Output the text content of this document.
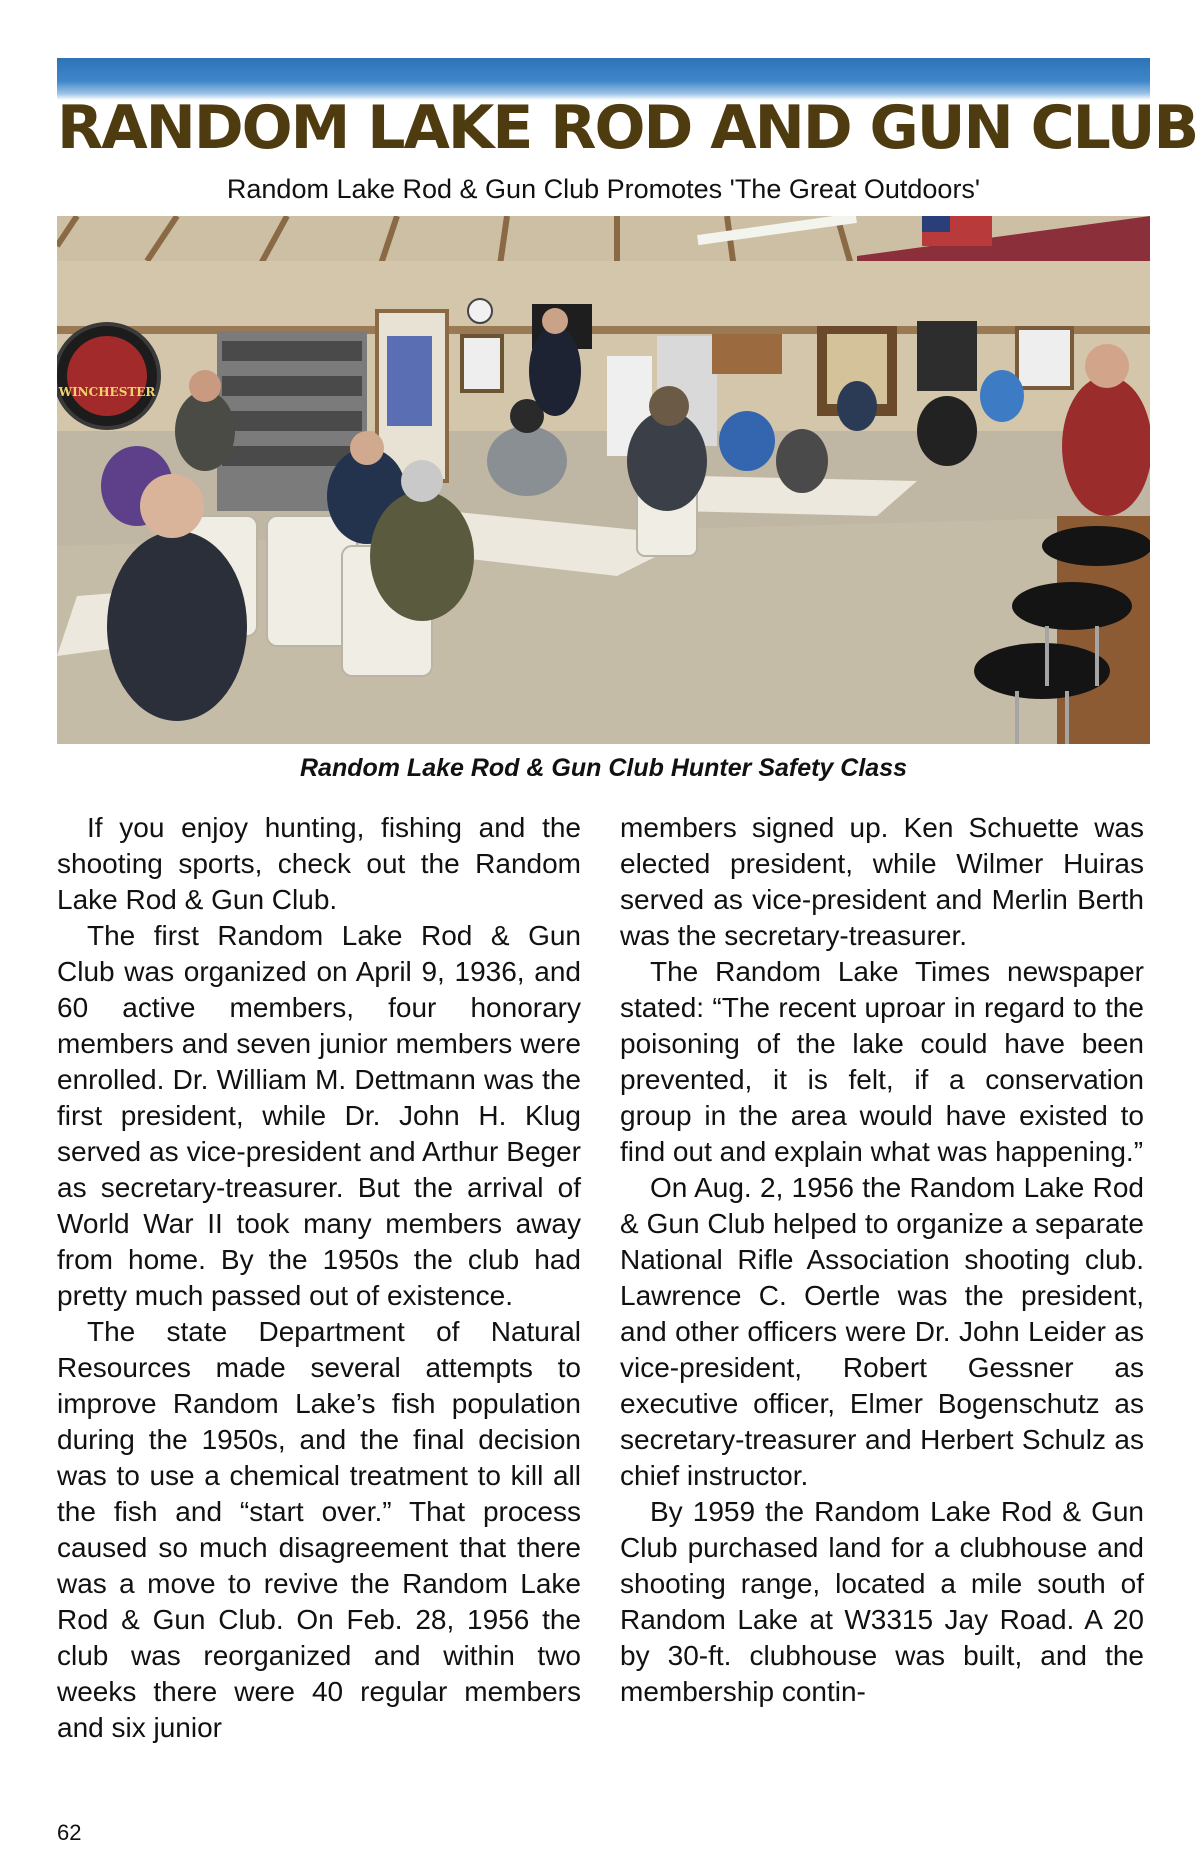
RANDOM LAKE ROD AND GUN CLUB
Random Lake Rod & Gun Club Promotes 'The Great Outdoors'
WINCHESTER
Random Lake Rod & Gun Club Hunter Safety Class

If you enjoy hunting, fishing and the shooting sports, check out the Random Lake Rod & Gun Club.

The first Random Lake Rod & Gun Club was organized on April 9, 1936, and 60 active members, four honorary members and seven junior members were enrolled. Dr. William M. Dettmann was the first president, while Dr. John H. Klug served as vice-president and Arthur Beger as secretary-treasurer. But the arrival of World War II took many members away from home. By the 1950s the club had pretty much passed out of existence.

The state Department of Natural Resources made several attempts to improve Random Lake’s fish population during the 1950s, and the final decision was to use a chemical treatment to kill all the fish and “start over.” That process caused so much disagreement that there was a move to revive the Random Lake Rod & Gun Club. On Feb. 28, 1956 the club was reorganized and within two weeks there were 40 regular members and six junior

members signed up. Ken Schuette was elected president, while Wilmer Huiras served as vice-president and Merlin Berth was the secretary-treasurer.

The Random Lake Times newspaper stated: “The recent uproar in regard to the poisoning of the lake could have been prevented, it is felt, if a conservation group in the area would have existed to find out and explain what was happening.”

On Aug. 2, 1956 the Random Lake Rod & Gun Club helped to organize a separate National Rifle Association shooting club. Lawrence C. Oertle was the president, and other officers were Dr. John Leider as vice-president, Robert Gessner as executive officer, Elmer Bogenschutz as secretary-treasurer and Herbert Schulz as chief instructor.

By 1959 the Random Lake Rod & Gun Club purchased land for a clubhouse and shooting range, located a mile south of Random Lake at W3315 Jay Road. A 20 by 30-ft. clubhouse was built, and the membership contin-

62
